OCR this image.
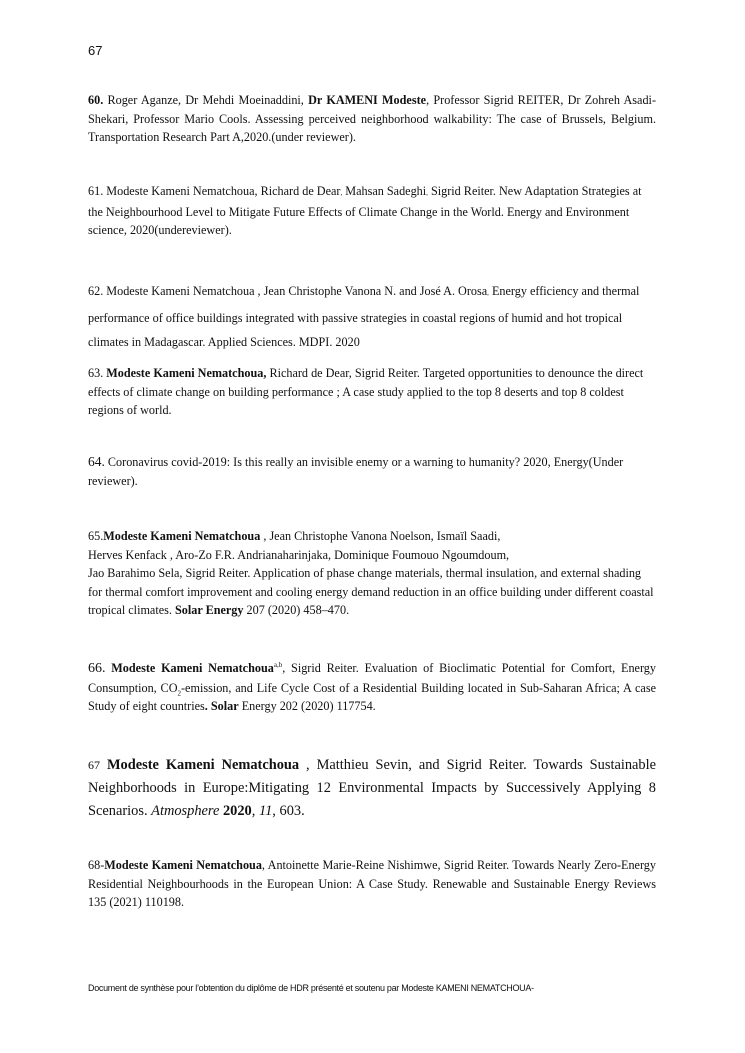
67

60. Roger Aganze, Dr Mehdi Moeinaddini, Dr KAMENI Modeste, Professor Sigrid REITER, Dr Zohreh Asadi-Shekari, Professor Mario Cools. Assessing perceived neighborhood walkability: The case of Brussels, Belgium. Transportation Research Part A,2020.(under reviewer).

61. Modeste Kameni Nematchoua, Richard de Dear, Mahsan Sadeghi, Sigrid Reiter. New Adaptation Strategies at the Neighbourhood Level to Mitigate Future Effects of Climate Change in the World. Energy and Environment science, 2020(undereviewer).

62. Modeste Kameni Nematchoua , Jean Christophe Vanona N. and José A. Orosa, Energy efficiency and thermal performance of office buildings integrated with passive strategies in coastal regions of humid and hot tropical climates in Madagascar. Applied Sciences. MDPI. 2020

63. Modeste Kameni Nematchoua, Richard de Dear, Sigrid Reiter. Targeted opportunities to denounce the direct effects of climate change on building performance ; A case study applied to the top 8 deserts and top 8 coldest regions of world.

64. Coronavirus covid-2019: Is this really an invisible enemy or a warning to humanity? 2020, Energy(Under reviewer).

65.Modeste Kameni Nematchoua , Jean Christophe Vanona Noelson, Ismaïl Saadi,
Herves Kenfack , Aro-Zo F.R. Andrianaharinjaka, Dominique Foumouo Ngoumdoum,
Jao Barahimo Sela, Sigrid Reiter. Application of phase change materials, thermal insulation, and external shading for thermal comfort improvement and cooling energy demand reduction in an office building under different coastal tropical climates. Solar Energy 207 (2020) 458–470.

66. Modeste Kameni Nematchoua$^{a,b}$, Sigrid Reiter. Evaluation of Bioclimatic Potential for Comfort, Energy Consumption, $CO_2$-emission, and Life Cycle Cost of a Residential Building located in Sub-Saharan Africa; A case Study of eight countries. Solar Energy 202 (2020) 117754.

67 Modeste Kameni Nematchoua , Matthieu Sevin, and Sigrid Reiter. Towards Sustainable Neighborhoods in Europe:Mitigating 12 Environmental Impacts by Successively Applying 8 Scenarios. Atmosphere 2020, 11, 603.

68-Modeste Kameni Nematchoua, Antoinette Marie-Reine Nishimwe, Sigrid Reiter. Towards Nearly Zero-Energy Residential Neighbourhoods in the European Union: A Case Study. Renewable and Sustainable Energy Reviews 135 (2021) 110198.

Document de synthèse pour l’obtention du diplôme de HDR présenté et soutenu par Modeste KAMENI NEMATCHOUA-
